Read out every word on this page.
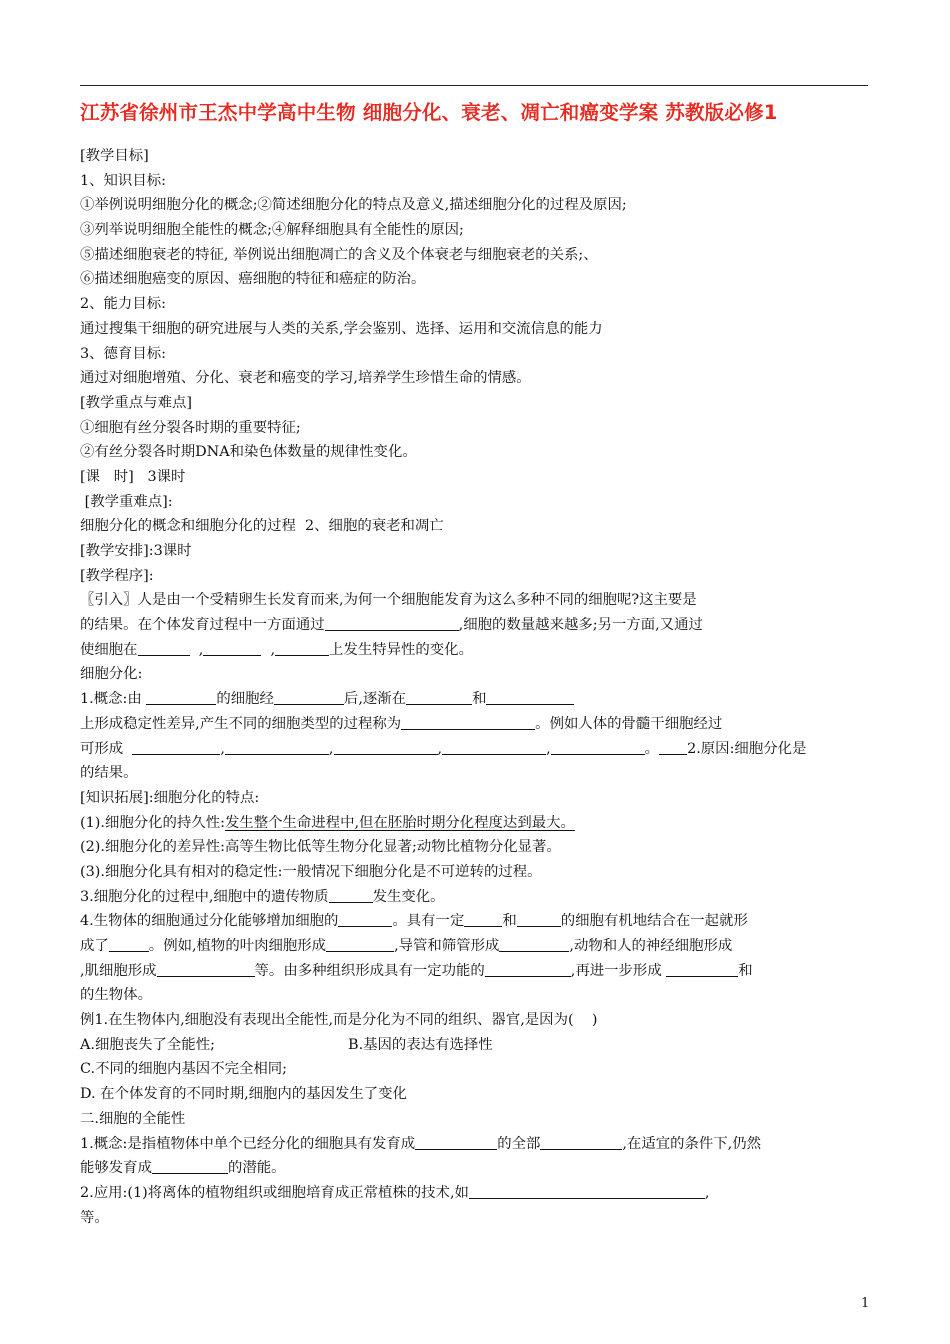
江苏省徐州市王杰中学高中生物 细胞分化、衰老、凋亡和癌变学案 苏教版必修1
[教学目标]
1、知识目标:
①举例说明细胞分化的概念;②简述细胞分化的特点及意义,描述细胞分化的过程及原因;
③列举说明细胞全能性的概念;④解释细胞具有全能性的原因;
⑤描述细胞衰老的特征, 举例说出细胞凋亡的含义及个体衰老与细胞衰老的关系;、
⑥描述细胞癌变的原因、癌细胞的特征和癌症的防治。
2、能力目标:
通过搜集干细胞的研究进展与人类的关系,学会鉴别、选择、运用和交流信息的能力
3、德育目标:
通过对细胞增殖、分化、衰老和癌变的学习,培养学生珍惜生命的情感。
[教学重点与难点]
①细胞有丝分裂各时期的重要特征;
②有丝分裂各时期DNA和染色体数量的规律性变化。
[课   时]   3课时
[教学重难点]:
细胞分化的概念和细胞分化的过程  2、细胞的衰老和凋亡
[教学安排]:3课时
[教学程序]:
〖引入〗人是由一个受精卵生长发育而来,为何一个细胞能发育为这么多种不同的细胞呢?这主要是
的结果。在个体发育过程中一方面通过	,细胞的数量越来越多;另一方面,又通过
使细胞在	,	,	上发生特异性的变化。
细胞分化:
1.概念:由	的细胞经	后,逐渐在	和
上形成稳定性差异,产生不同的细胞类型的过程称为	。例如人体的骨髓干细胞经过
可形成	,	,	,	,	。 2.原因:细胞分化是
的结果。
[知识拓展]:细胞分化的特点:
(1).细胞分化的持久性:发生整个生命进程中,但在胚胎时期分化程度达到最大。
(2).细胞分化的差异性:高等生物比低等生物分化显著;动物比植物分化显著。
(3).细胞分化具有相对的稳定性:一般情况下细胞分化是不可逆转的过程。
3.细胞分化的过程中,细胞中的遗传物质	发生变化。
4.生物体的细胞通过分化能够增加细胞的	。具有一定	和	的细胞有机地结合在一起就形
成了	。例如,植物的叶肉细胞形成	,导管和筛管形成	,动物和人的神经细胞形成
,肌细胞形成	等。由多种组织形成具有一定功能的	,再进一步形成	和
的生物体。
例1.在生物体内,细胞没有表现出全能性,而是分化为不同的组织、器官,是因为(    )
A.细胞丧失了全能性;	B.基因的表达有选择性
C.不同的细胞内基因不完全相同;
D. 在个体发育的不同时期,细胞内的基因发生了变化
二.细胞的全能性
1.概念:是指植物体中单个已经分化的细胞具有发育成	的全部	,在适宜的条件下,仍然
能够发育成	的潜能。
2.应用:(1)将离体的植物组织或细胞培育成正常植株的技术,如	,
等。
1
